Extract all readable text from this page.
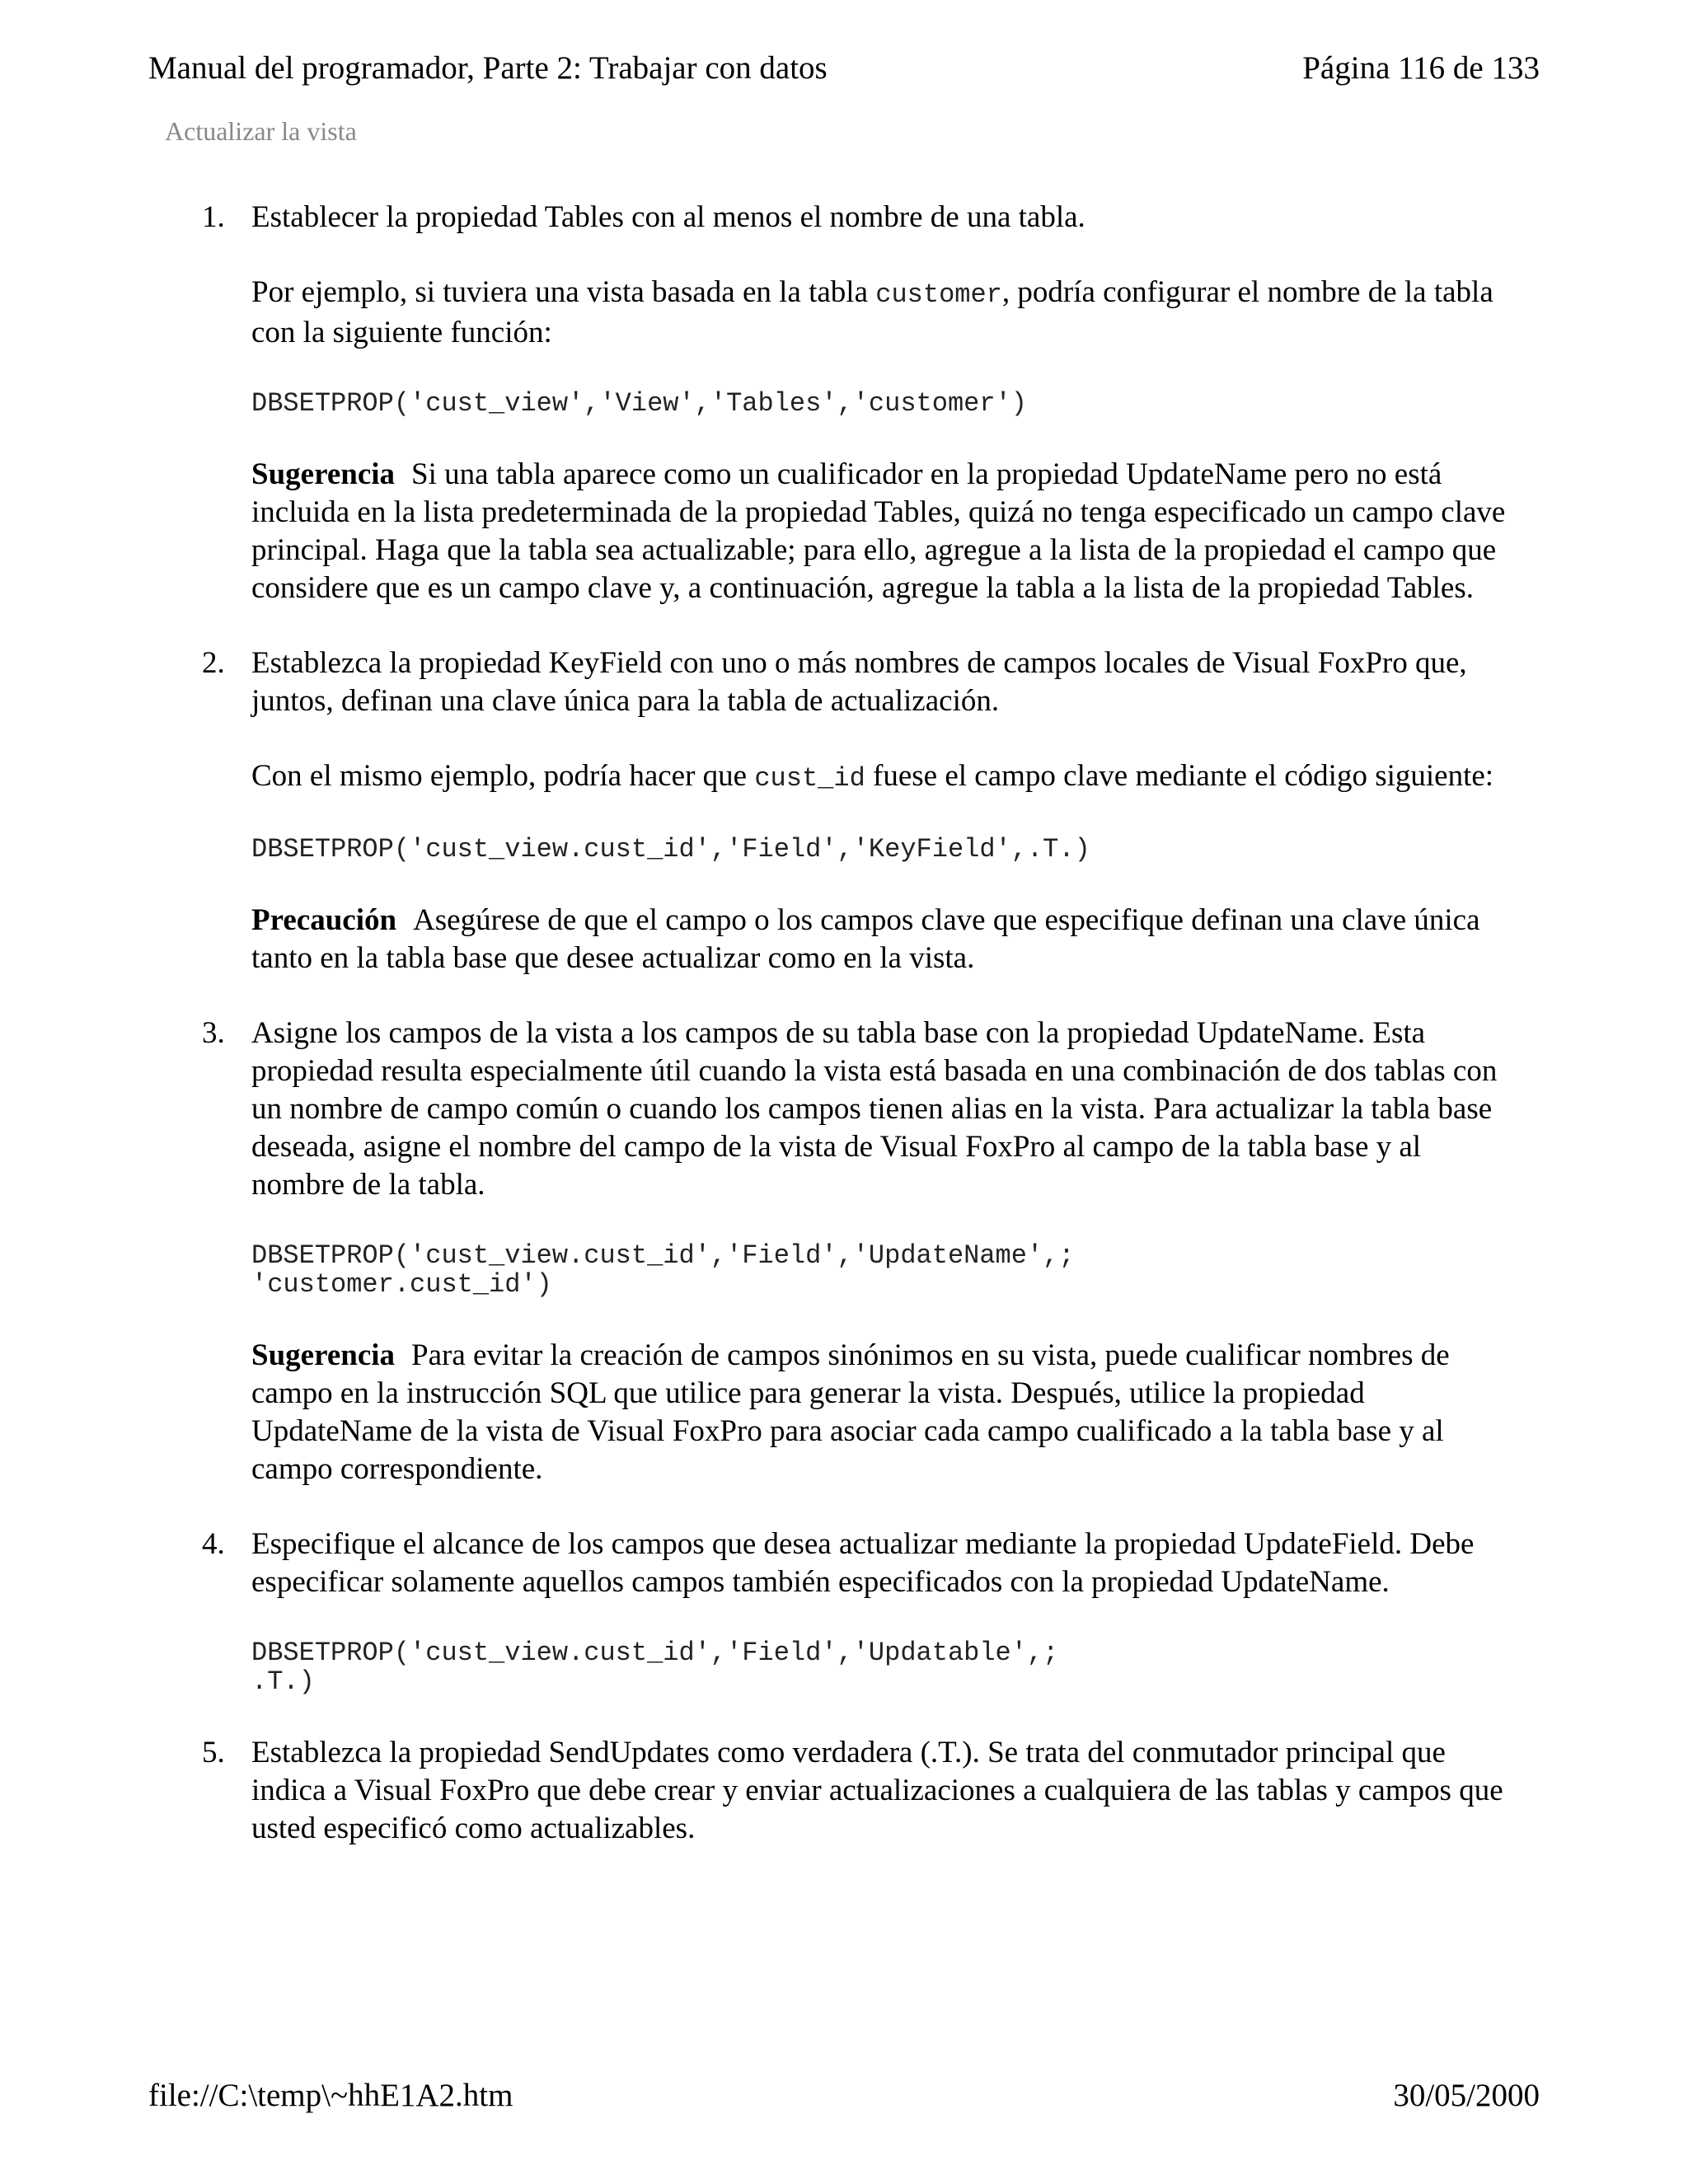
Manual del programador, Parte 2: Trabajar con datos	Página 116 de 133
Actualizar la vista
1. Establecer la propiedad Tables con al menos el nombre de una tabla.

Por ejemplo, si tuviera una vista basada en la tabla customer, podría configurar el nombre de la tabla con la siguiente función:

DBSETPROP('cust_view','View','Tables','customer')

Sugerencia Si una tabla aparece como un cualificador en la propiedad UpdateName pero no está incluida en la lista predeterminada de la propiedad Tables, quizá no tenga especificado un campo clave principal. Haga que la tabla sea actualizable; para ello, agregue a la lista de la propiedad el campo que considere que es un campo clave y, a continuación, agregue la tabla a la lista de la propiedad Tables.

2. Establezca la propiedad KeyField con uno o más nombres de campos locales de Visual FoxPro que, juntos, definan una clave única para la tabla de actualización.

Con el mismo ejemplo, podría hacer que cust_id fuese el campo clave mediante el código siguiente:

DBSETPROP('cust_view.cust_id','Field','KeyField',.T.)

Precaución Asegúrese de que el campo o los campos clave que especifique definan una clave única tanto en la tabla base que desee actualizar como en la vista.

3. Asigne los campos de la vista a los campos de su tabla base con la propiedad UpdateName. Esta propiedad resulta especialmente útil cuando la vista está basada en una combinación de dos tablas con un nombre de campo común o cuando los campos tienen alias en la vista. Para actualizar la tabla base deseada, asigne el nombre del campo de la vista de Visual FoxPro al campo de la tabla base y al nombre de la tabla.

DBSETPROP('cust_view.cust_id','Field','UpdateName',;
'customer.cust_id')

Sugerencia Para evitar la creación de campos sinónimos en su vista, puede cualificar nombres de campo en la instrucción SQL que utilice para generar la vista. Después, utilice la propiedad UpdateName de la vista de Visual FoxPro para asociar cada campo cualificado a la tabla base y al campo correspondiente.

4. Especifique el alcance de los campos que desea actualizar mediante la propiedad UpdateField. Debe especificar solamente aquellos campos también especificados con la propiedad UpdateName.

DBSETPROP('cust_view.cust_id','Field','Updatable',;
.T.)
5. Establezca la propiedad SendUpdates como verdadera (.T.). Se trata del conmutador principal que indica a Visual FoxPro que debe crear y enviar actualizaciones a cualquiera de las tablas y campos que usted especificó como actualizables.

file://C:\temp\~hhE1A2.htm	30/05/2000
